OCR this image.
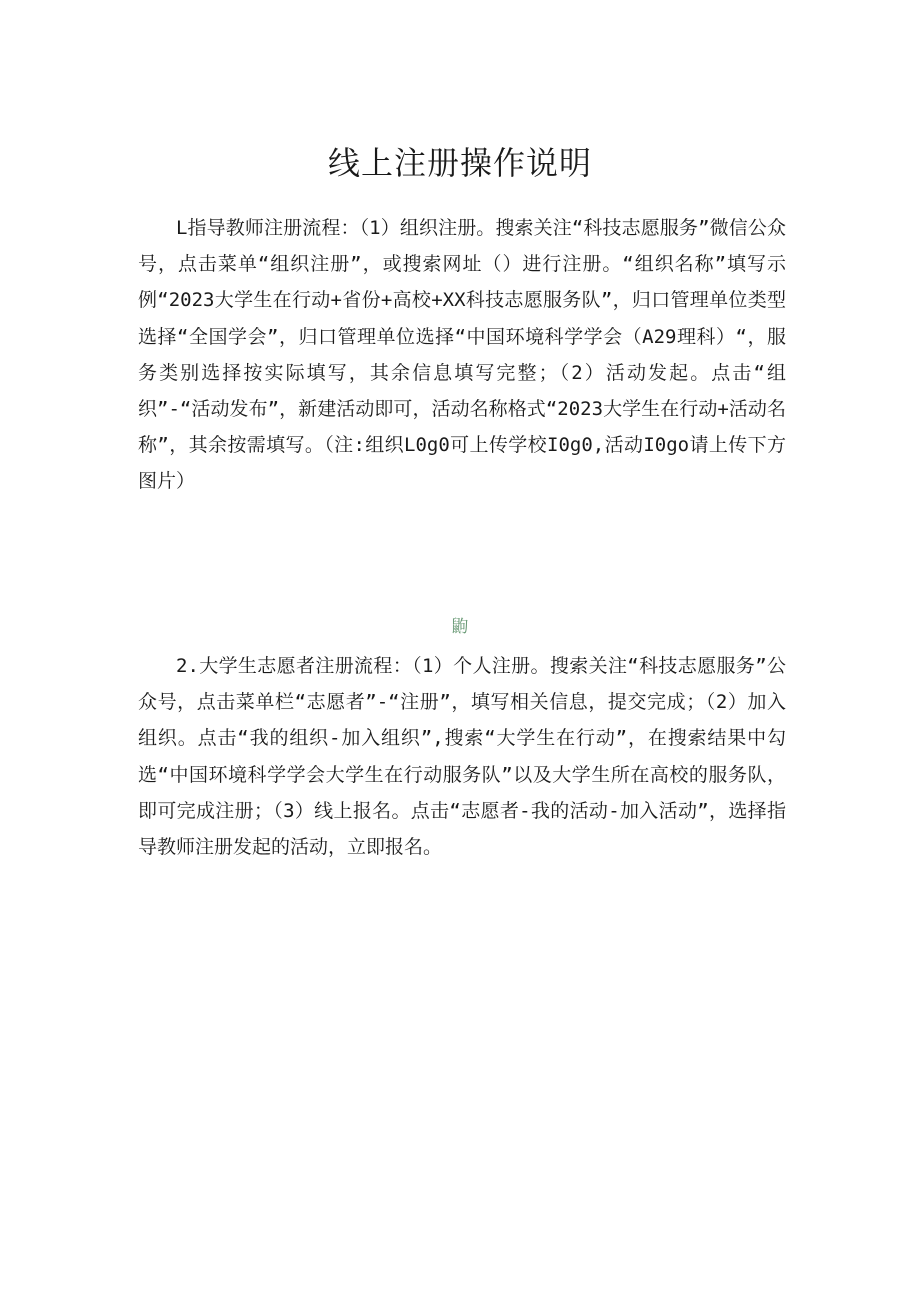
线上注册操作说明

L指导教师注册流程：（1）组织注册。搜索关注“科技志愿服务”微信公众号，点击菜单“组织注册”，或搜索网址（）进行注册。“组织名称”填写示例“2023大学生在行动+省份+高校+XX科技志愿服务队”，归口管理单位类型选择“全国学会”，归口管理单位选择“中国环境科学学会（A29理科）“，服务类别选择按实际填写，其余信息填写完整；（2）活动发起。点击“组织”-“活动发布”，新建活动即可，活动名称格式“2023大学生在行动+活动名称”，其余按需填写。（注:组织L0g0可上传学校I0g0,活动I0go请上传下方图片）

鼩

2.大学生志愿者注册流程：（1）个人注册。搜索关注“科技志愿服务”公众号，点击菜单栏“志愿者”-“注册”，填写相关信息，提交完成；（2）加入组织。点击“我的组织-加入组织”,搜索“大学生在行动”，在搜索结果中勾选“中国环境科学学会大学生在行动服务队”以及大学生所在高校的服务队，即可完成注册；（3）线上报名。点击“志愿者-我的活动-加入活动”，选择指导教师注册发起的活动，立即报名。
